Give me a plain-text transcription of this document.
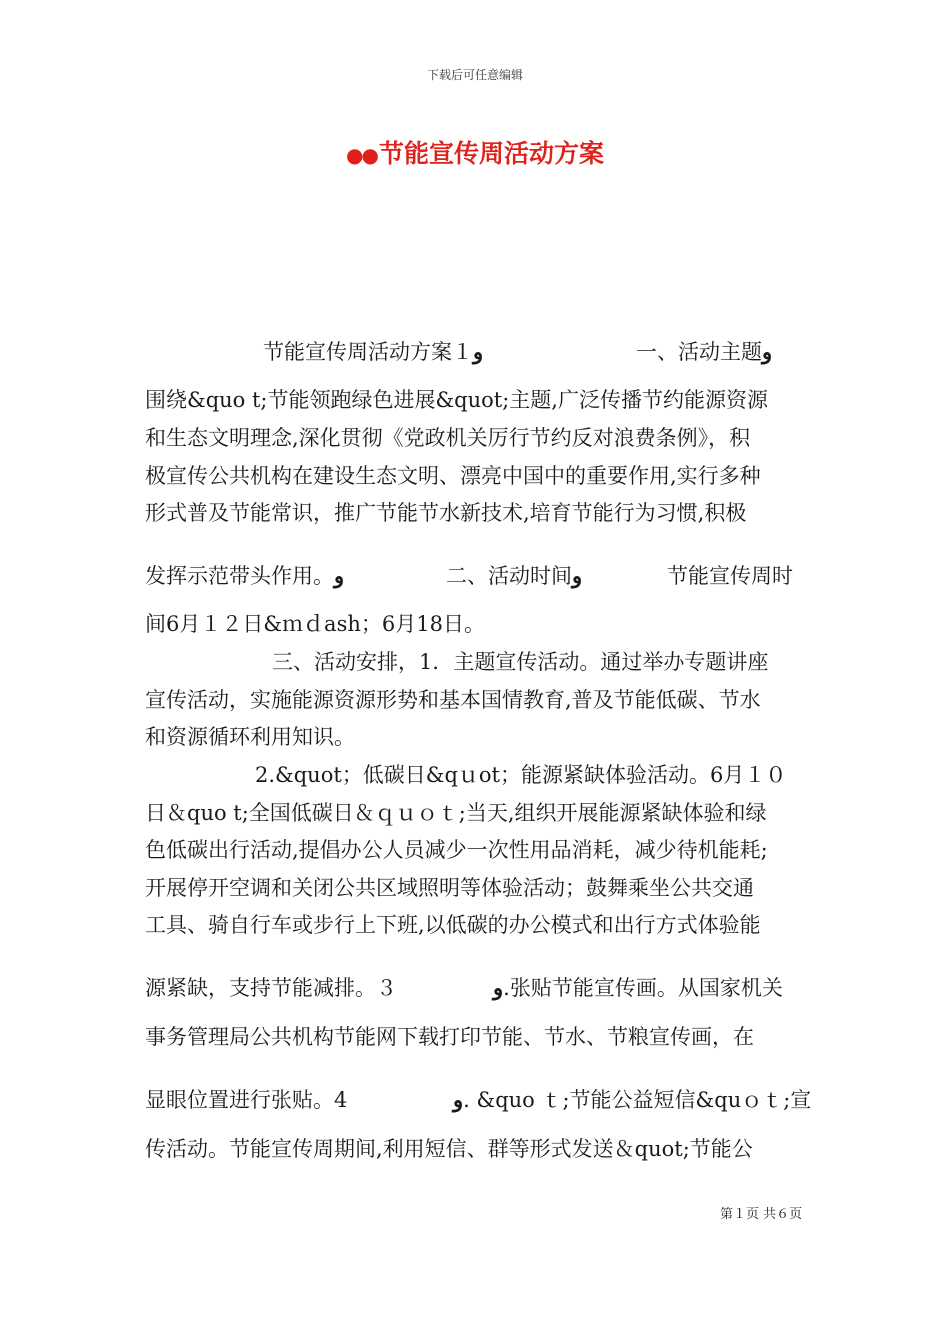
下载后可任意编辑
●●节能宣传周活动方案
节能宣传周活动方案１و	一、活动主题و
围绕&quo t;节能领跑绿色进展&quot;主题,广泛传播节约能源资源
和生态文明理念,深化贯彻《党政机关厉行节约反对浪费条例》，积
极宣传公共机构在建设生态文明、漂亮中国中的重要作用,实行多种
形式普及节能常识，推广节能节水新技术,培育节能行为习惯,积极
发挥示范带头作用。و	二、活动时间و	节能宣传周时
间6月１２日&ｍｄash；6月18日。
三、活动安排，1．主题宣传活动。通过举办专题讲座
宣传活动，实施能源资源形势和基本国情教育,普及节能低碳、节水
和资源循环利用知识。
2.&quot；低碳日&qｕot；能源紧缺体验活动。6月１０
日＆quo t;全国低碳日＆ｑｕｏｔ;当天,组织开展能源紧缺体验和绿
色低碳出行活动,提倡办公人员减少一次性用品消耗，减少待机能耗;
开展停开空调和关闭公共区域照明等体验活动；鼓舞乘坐公共交通
工具、骑自行车或步行上下班,以低碳的办公模式和出行方式体验能
源紧缺，支持节能减排。３	و.张贴节能宣传画。从国家机关
事务管理局公共机构节能网下载打印节能、节水、节粮宣传画，在
显眼位置进行张贴。4	و. &quo ｔ;节能公益短信&quｏｔ;宣
传活动。节能宣传周期间,利用短信、群等形式发送＆quot;节能公
第１页 共６页
